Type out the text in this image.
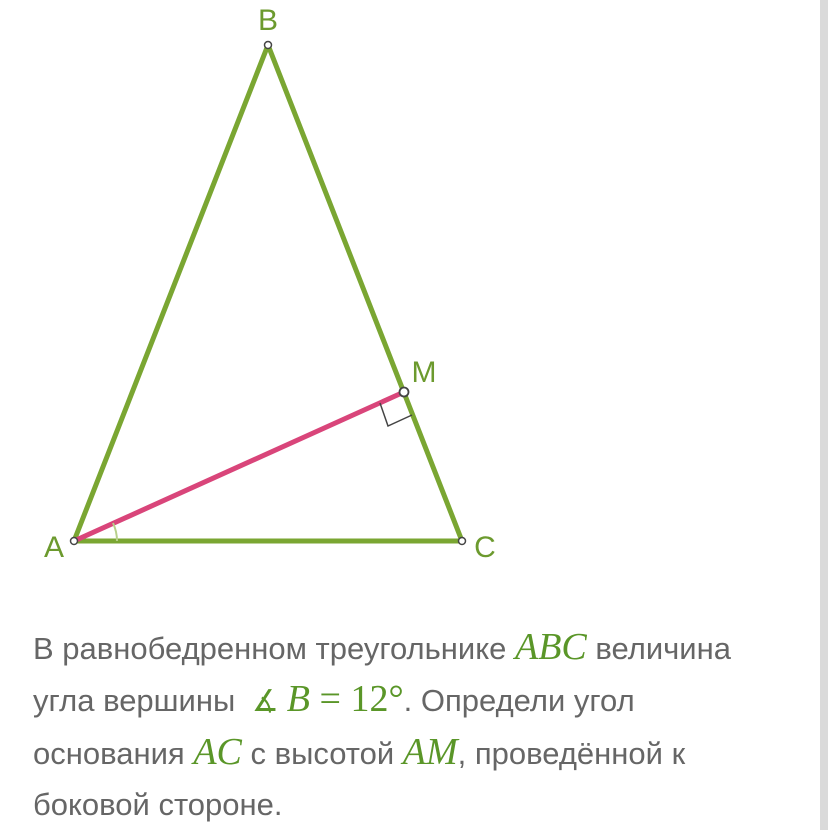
B
A	C
M
В равнобедренном треугольнике ABC величина угла вершины ∡ B = 12°. Определи угол основания AC с высотой AM, проведённой к боковой стороне.
